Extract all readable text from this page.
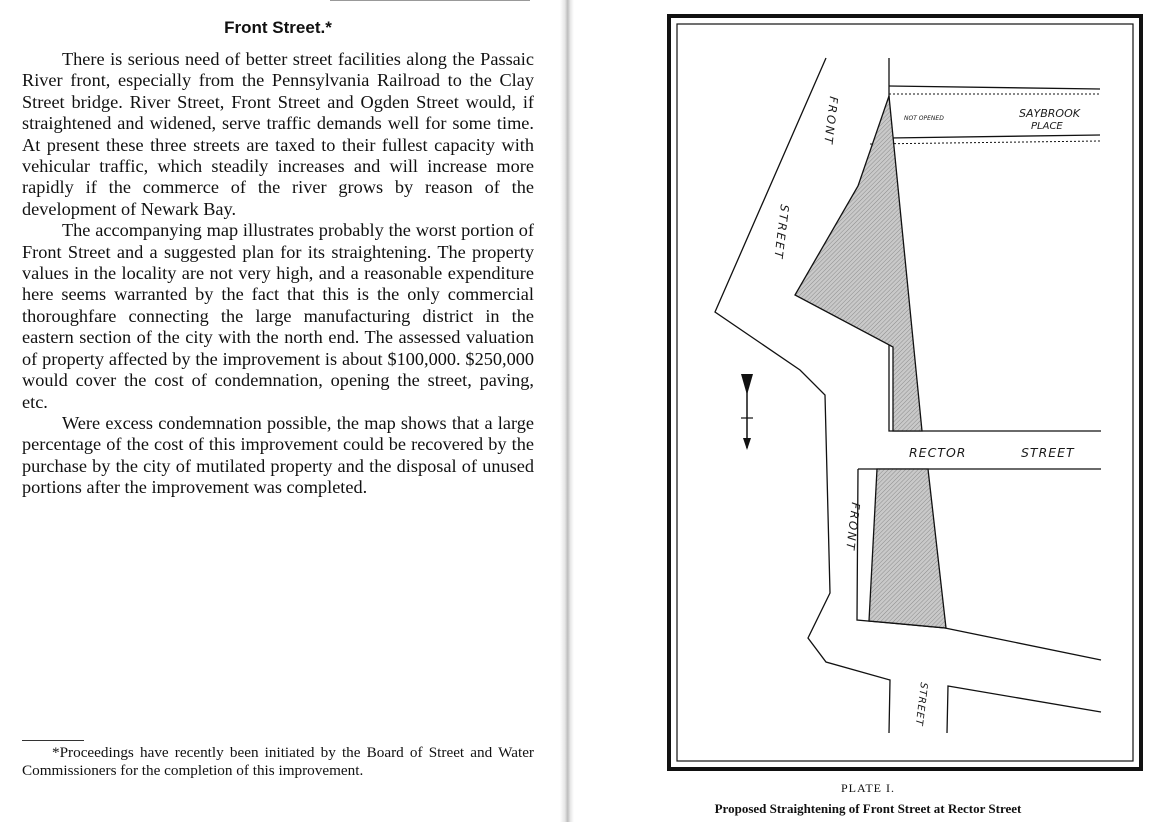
Front Street.*

There is serious need of better street facilities along the Passaic River front, especially from the Pennsylvania Railroad to the Clay Street bridge. River Street, Front Street and Ogden Street would, if straightened and widened, serve traffic demands well for some time. At present these three streets are taxed to their fullest capacity with vehicular traffic, which steadily increases and will increase more rapidly if the commerce of the river grows by reason of the development of Newark Bay.

The accompanying map illustrates probably the worst portion of Front Street and a suggested plan for its straightening. The property values in the locality are not very high, and a reasonable expenditure here seems warranted by the fact that this is the only commercial thoroughfare connecting the large manufacturing district in the eastern section of the city with the north end. The assessed valuation of property affected by the improvement is about $100,000. $250,000 would cover the cost of condemnation, opening the street, paving, etc.

Were excess condemnation possible, the map shows that a large percentage of the cost of this improvement could be recovered by the purchase by the city of mutilated property and the disposal of unused portions after the improvement was completed.

*Proceedings have recently been initiated by the Board of Street and Water Commissioners for the completion of this improvement.
FRONT
STREET
NOT OPENED	SAYBROOK
PLACE
RECTOR	STREET
FRONT
STREET
PLATE I.
Proposed Straightening of Front Street at Rector Street
